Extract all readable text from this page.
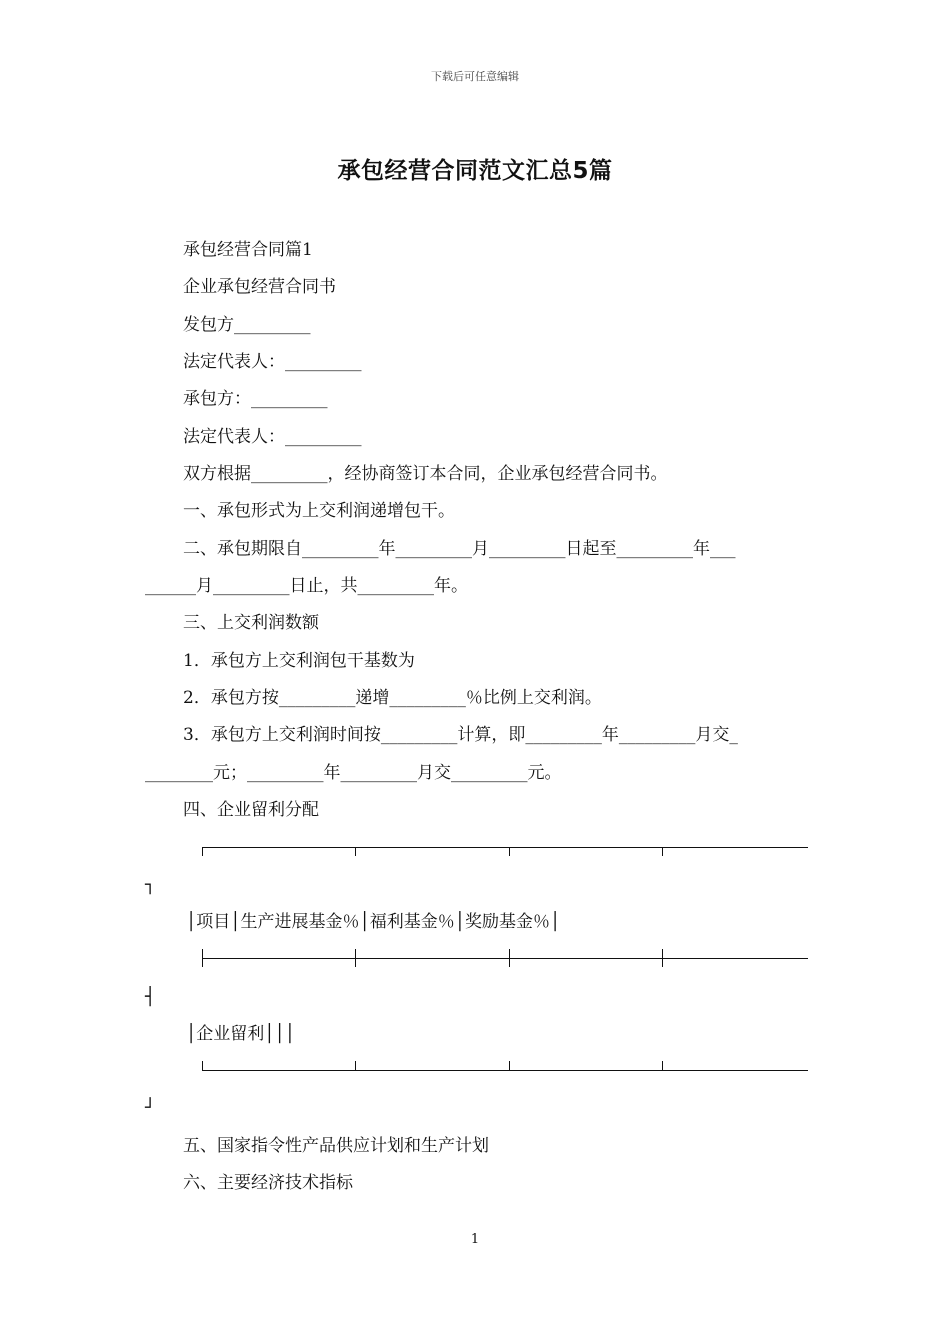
下载后可任意编辑
承包经营合同范文汇总5篇
承包经营合同篇1
企业承包经营合同书
发包方_________
法定代表人：_________
承包方：_________
法定代表人：_________
双方根据_________，经协商签订本合同，企业承包经营合同书。
一、承包形式为上交利润递增包干。
二、承包期限自_________年_________月_________日起至_________年___
______月_________日止，共_________年。
三、上交利润数额
1．承包方上交利润包干基数为
2．承包方按_________递增_________％比例上交利润。
3．承包方上交利润时间按_________计算，即_________年_________月交_
________元；_________年_________月交_________元。
四、企业留利分配

┐
│项目│生产进展基金％│福利基金％│奖励基金％│

┤
│企业留利│││

┘
五、国家指令性产品供应计划和生产计划
六、主要经济技术指标
1
